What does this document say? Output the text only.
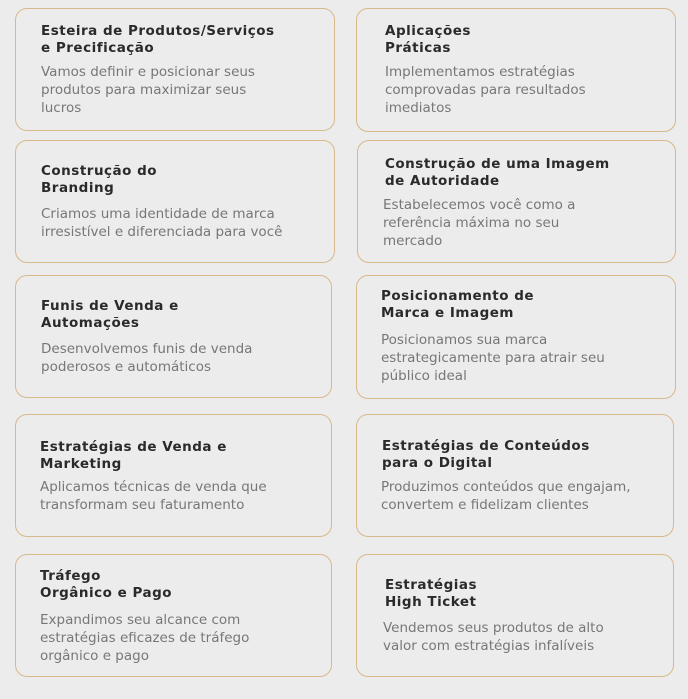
Esteira de Produtos/Serviços
e Precificação

Vamos definir e posicionar seus
produtos para maximizar seus
lucros

Aplicações
Práticas

Implementamos estratégias
comprovadas para resultados
imediatos

Construção do
Branding

Criamos uma identidade de marca
irresistível e diferenciada para você

Construção de uma Imagem
de Autoridade

Estabelecemos você como a
referência máxima no seu
mercado

Funis de Venda e
Automações

Desenvolvemos funis de venda
poderosos e automáticos

Posicionamento de
Marca e Imagem

Posicionamos sua marca
estrategicamente para atrair seu
público ideal

Estratégias de Venda e
Marketing

Aplicamos técnicas de venda que
transformam seu faturamento

Estratégias de Conteúdos
para o Digital

Produzimos conteúdos que engajam,
convertem e fidelizam clientes

Tráfego
Orgânico e Pago

Expandimos seu alcance com
estratégias eficazes de tráfego
orgânico e pago

Estratégias
High Ticket

Vendemos seus produtos de alto
valor com estratégias infalíveis
